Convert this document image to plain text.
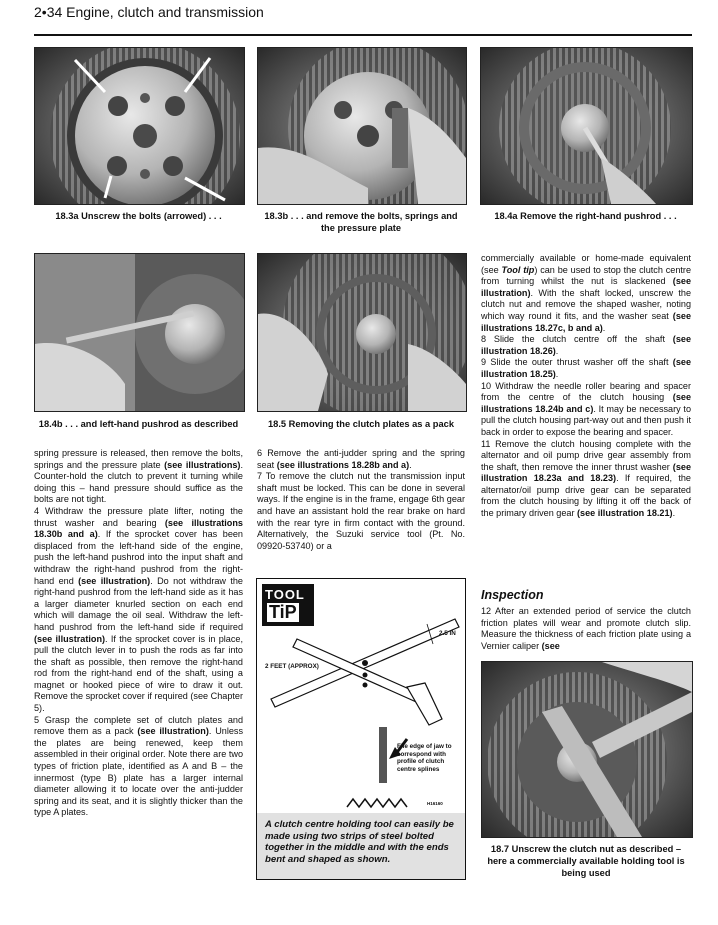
2•34 Engine, clutch and transmission
18.3a Unscrew the bolts (arrowed) . . .	18.3b . . . and remove the bolts, springs and the pressure plate
18.4a Remove the right-hand pushrod . . .
18.4b . . . and left-hand pushrod as described	18.5 Removing the clutch plates as a pack
18.7 Unscrew the clutch nut as described – here a commercially available holding tool is being used

spring pressure is released, then remove the bolts, springs and the pressure plate (see illustrations). Counter-hold the clutch to prevent it turning while doing this – hand pressure should suffice as the bolts are not tight.

4 Withdraw the pressure plate lifter, noting the thrust washer and bearing (see illustrations 18.30b and a). If the sprocket cover has been displaced from the left-hand side of the engine, push the left-hand pushrod into the input shaft and withdraw the right-hand pushrod from the right-hand end (see illustration). Do not withdraw the right-hand pushrod from the left-hand side as it has a larger diameter knurled section on each end which will damage the oil seal. Withdraw the left-hand pushrod from the left-hand side if required (see illustration). If the sprocket cover is in place, pull the clutch lever in to push the rods as far into the shaft as possible, then remove the right-hand rod from the right-hand end of the shaft, using a magnet or hooked piece of wire to draw it out. Remove the sprocket cover if required (see Chapter 5).

5 Grasp the complete set of clutch plates and remove them as a pack (see illustration). Unless the plates are being renewed, keep them assembled in their original order. Note there are two types of friction plate, identified as A and B – the innermost (type B) plate has a larger internal diameter allowing it to locate over the anti-judder spring and its seat, and it is slightly thicker than the type A plates.

6 Remove the anti-judder spring and the spring seat (see illustrations 18.28b and a).

7 To remove the clutch nut the transmission input shaft must be locked. This can be done in several ways. If the engine is in the frame, engage 6th gear and have an assistant hold the rear brake on hard with the rear tyre in firm contact with the ground. Alternatively, the Suzuki service tool (Pt. No. 09920-53740) or a

TOOL
TiP
2.5 IN
2 FEET (APPROX)
File edge of jaw to correspond with profile of clutch centre splines
H16160
A clutch centre holding tool can easily be made using two strips of steel bolted together in the middle and with the ends bent and shaped as shown.

commercially available or home-made equivalent (see Tool tip) can be used to stop the clutch centre from turning whilst the nut is slackened (see illustration). With the shaft locked, unscrew the clutch nut and remove the shaped washer, noting which way round it fits, and the washer seat (see illustrations 18.27c, b and a).

8 Slide the clutch centre off the shaft (see illustration 18.26).

9 Slide the outer thrust washer off the shaft (see illustration 18.25).

10 Withdraw the needle roller bearing and spacer from the centre of the clutch housing (see illustrations 18.24b and c). It may be necessary to pull the clutch housing part-way out and then push it back in order to expose the bearing and spacer.

11 Remove the clutch housing complete with the alternator and oil pump drive gear assembly from the shaft, then remove the inner thrust washer (see illustration 18.23a and 18.23). If required, the alternator/oil pump drive gear can be separated from the clutch housing by lifting it off the back of the primary driven gear (see illustration 18.21).

Inspection

12 After an extended period of service the clutch friction plates will wear and promote clutch slip. Measure the thickness of each friction plate using a Vernier caliper (see
